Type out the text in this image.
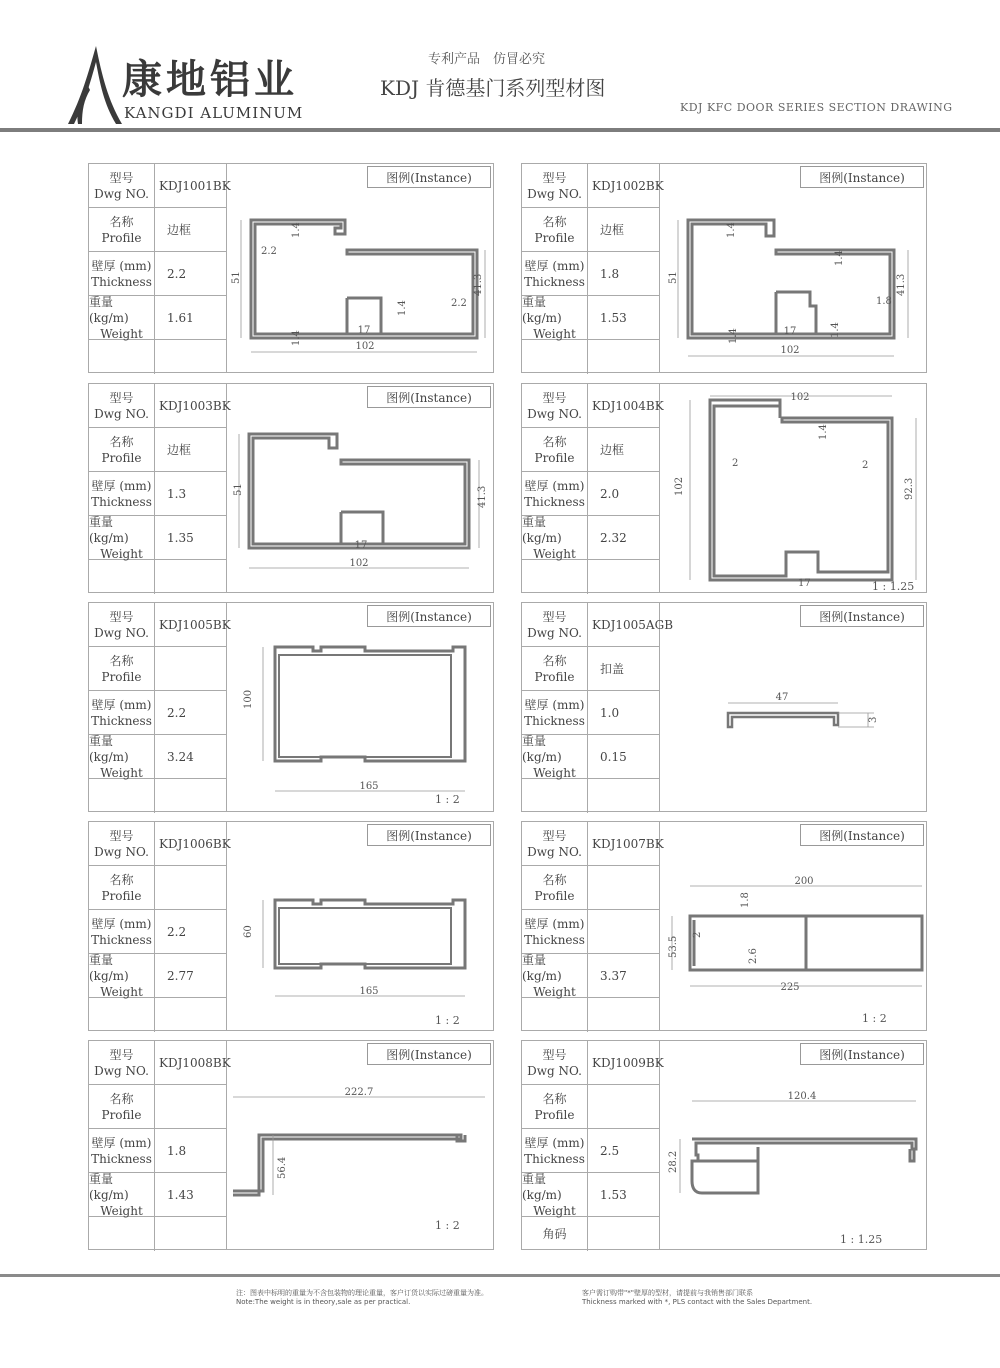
康地铝业
KANGDI ALUMINUM
专利产品　仿冒必究
KDJ 肯德基门系列型材图
KDJ KFC DOOR SERIES SECTION DRAWING
型号
Dwg NO.
KDJ1001BK
名称
Profile
边框
壁厚 (mm)
Thickness
2.2
重量 (kg/m)
Weight
1.61
图例(Instance)
102
17
51
2.2
1.4
41.3
2.2
1.4
1.4
型号
Dwg NO.
KDJ1002BK
名称
Profile
边框
壁厚 (mm)
Thickness
1.8
重量 (kg/m)
Weight
1.53
图例(Instance)
102
17
51
1.4
41.3
1.8
1.4
1.4	1.4
型号
Dwg NO.
KDJ1003BK
名称
Profile
边框
壁厚 (mm)
Thickness
1.3
重量 (kg/m)
Weight
1.35
图例(Instance)
102
17
51	41.3
型号
Dwg NO.
KDJ1004BK
名称
Profile
边框
壁厚 (mm)
Thickness
2.0
重量 (kg/m)
Weight
2.32
102
102
2
1.4
2
92.3
17	1 : 1.25
型号
Dwg NO.
KDJ1005BK
名称
Profile
壁厚 (mm)
Thickness
2.2
重量 (kg/m)
Weight
3.24
图例(Instance)
100
165
1 : 2
型号
Dwg NO.
KDJ1005AGB
名称
Profile
扣盖
壁厚 (mm)
Thickness
1.0
重量 (kg/m)
Weight
0.15
图例(Instance)
47
3
型号
Dwg NO.
KDJ1006BK
名称
Profile
壁厚 (mm)
Thickness
2.2
重量 (kg/m)
Weight
2.77
图例(Instance)
60
165
1 : 2
型号
Dwg NO.
KDJ1007BK
名称
Profile
壁厚 (mm)
Thickness
重量 (kg/m)
Weight
3.37
图例(Instance)
200
1.8
53.5
2
2.6
225
1 : 2
型号
Dwg NO.
KDJ1008BK
名称
Profile
壁厚 (mm)
Thickness
1.8
重量 (kg/m)
Weight
1.43
图例(Instance)
222.7
56.4
1 : 2
型号
Dwg NO.
KDJ1009BK
名称
Profile
壁厚 (mm)
Thickness
2.5
重量 (kg/m)
Weight
1.53
角码
图例(Instance)
120.4
28.2
1 : 1.25
注：图表中标明的重量为不含包装物的理论重量，客户订货以实际过磅重量为准。
Note:The weight is in theory,sale as per practical.
客户需订购带"*"壁厚的型材，请提前与我销售部门联系
Thickness marked with *, PLS contact with the Sales Department.
